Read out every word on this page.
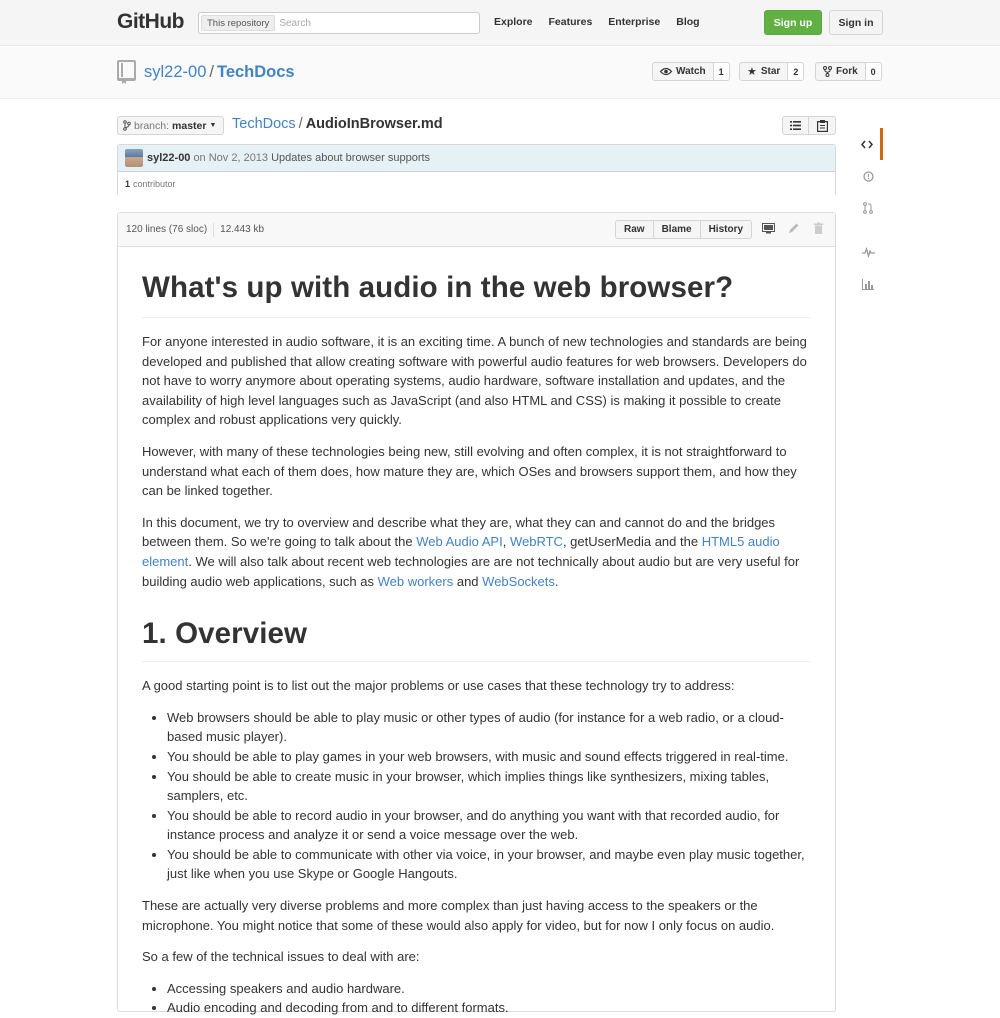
GitHub	This repository
Search	Explore Features Enterprise Blog	Sign up	Sign in
syl22-00 / TechDocs	Watch	1	★ Star	2	Fork	0
branch: master ▼ TechDocs / AudioInBrowser.md
syl22-00 on Nov 2, 2013 Updates about browser supports
1 contributor
120 lines (76 sloc) 12.443 kb	Raw	Blame	History
What's up with audio in the web browser?

For anyone interested in audio software, it is an exciting time. A bunch of new technologies and standards are being developed and published that allow creating software with powerful audio features for web browsers. Developers do not have to worry anymore about operating systems, audio hardware, software installation and updates, and the availability of high level languages such as JavaScript (and also HTML and CSS) is making it possible to create complex and robust applications very quickly.

However, with many of these technologies being new, still evolving and often complex, it is not straightforward to understand what each of them does, how mature they are, which OSes and browsers support them, and how they can be linked together.

In this document, we try to overview and describe what they are, what they can and cannot do and the bridges between them. So we're going to talk about the Web Audio API, WebRTC, getUserMedia and the HTML5 audio element. We will also talk about recent web technologies are are not technically about audio but are very useful for building audio web applications, such as Web workers and WebSockets.

1. Overview

A good starting point is to list out the major problems or use cases that these technology try to address:

• Web browsers should be able to play music or other types of audio (for instance for a web radio, or a cloud-based music player).
• You should be able to play games in your web browsers, with music and sound effects triggered in real-time.
• You should be able to create music in your browser, which implies things like synthesizers, mixing tables, samplers, etc.
• You should be able to record audio in your browser, and do anything you want with that recorded audio, for instance process and analyze it or send a voice message over the web.
• You should be able to communicate with other via voice, in your browser, and maybe even play music together, just like when you use Skype or Google Hangouts.

These are actually very diverse problems and more complex than just having access to the speakers or the microphone. You might notice that some of these would also apply for video, but for now I only focus on audio.

So a few of the technical issues to deal with are:

• Accessing speakers and audio hardware.
• Audio encoding and decoding from and to different formats.
